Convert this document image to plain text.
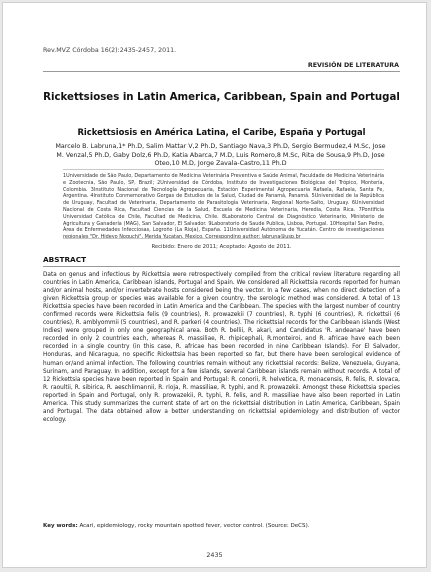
Rev.MVZ Córdoba 16(2):2435-2457, 2011.
REVISIÓN DE LITERATURA
Rickettsioses in Latin America, Caribbean, Spain and Portugal
Rickettsiosis en América Latina, el Caribe, España y Portugal
Marcelo B. Labruna,1* Ph.D, Salim Mattar V,2 Ph.D, Santiago Nava,3 Ph.D, Sergio Bermudez,4 M.Sc, Jose M. Venzal,5 Ph.D, Gaby Dolz,6 Ph.D, Katia Abarca,7 M.D, Luis Romero,8 M.Sc, Rita de Sousa,9 Ph.D, Jose Oteo,10 M.D, Jorge Zavala-Castro,11 Ph.D
1Universidade de São Paulo, Departamento de Medicina Veterinária Preventiva e Saúde Animal, Faculdade de Medicina Veterinária e Zootecnia, São Paulo, SP, Brazil; 2Universidad de Córdoba, Instituto de Investigaciones Biológicas del Trópico, Montería, Colombia. 3Instituto Nacional de Tecnología Agropecuaria, Estación Experimental Agropecuaria Rafaela, Rafaela, Santa Fe, Argentina. 4Instituto Conmemorativo Gorgas de Estudios de la Salud, Ciudad de Panamá, Panamá. 5Universidad de la República de Uruguay, Facultad de Veterinaria, Departamento de Parasitología Veterinaria, Regional Norte-Salto, Uruguay. 6Universidad Nacional de Costa Rica, Facultad Ciencias de la Salud, Escuela de Medicina Veterinaria, Heredia, Costa Rica. 7Pontificia Universidad Católica de Chile, Facultad de Medicina, Chile. 8Laboratorio Central de Diagnóstico Veterinario, Ministerio de Agricultura y Ganadería (MAG), San Salvador, El Salvador. 9Laboratorio de Saude Publica, Lisboa, Portugal. 10Hospital San Pedro, Área de Enfermedades Infecciosas, Logroño (La Rioja), España. 11Universidad Autónoma de Yucatán. Centro de investigaciones regionales "Dr. Hideyo Noguchi", Merida Yucatan, Mexico. Corresponding author: labruna@usp.br
Recibido: Enero de 2011; Aceptado: Agosto de 2011.
ABSTRACT
Data on genus and infectious by Rickettsia were retrospectively compiled from the critical review literature regarding all countries in Latin America, Caribbean islands, Portugal and Spain. We considered all Rickettsia records reported for human and/or animal hosts, and/or invertebrate hosts considered being the vector. In a few cases, when no direct detection of a given Rickettsia group or species was available for a given country, the serologic method was considered. A total of 13 Rickettsia species have been recorded in Latin America and the Caribbean. The species with the largest number of country confirmed records were Rickettsia felis (9 countries), R. prowazekii (7 countries), R. typhi (6 countries), R. rickettsii (6 countries), R. amblyommii (5 countries), and R. parkeri (4 countries). The rickettsial records for the Caribbean islands (West Indies) were grouped in only one geographical area. Both R. bellii, R. akari, and Candidatus 'R. andeanae' have been recorded in only 2 countries each, whereas R. massiliae, R. rhipicephali, R.monteiroi, and R. africae have each been recorded in a single country (in this case, R. africae has been recorded in nine Caribbean Islands). For El Salvador, Honduras, and Nicaragua, no specific Rickettsia has been reported so far, but there have been serological evidence of human or/and animal infection. The following countries remain without any rickettsial records: Belize, Venezuela, Guyana, Surinam, and Paraguay. In addition, except for a few islands, several Caribbean islands remain without records. A total of 12 Rickettsia species have been reported in Spain and Portugal: R. conorii, R. helvetica, R. monacensis, R. felis, R. slovaca, R. raoultii, R. sibirica, R. aeschlimannii, R. rioja, R. massiliae, R. typhi, and R. prowazekii. Amongst these Rickettsia species reported in Spain and Portugal, only R. prowazekii, R. typhi, R. felis, and R. massiliae have also been reported in Latin America. This study summarizes the current state of art on the rickettsial distribution in Latin America, Caribbean, Spain and Portugal. The data obtained allow a better understanding on rickettsial epidemiology and distribution of vector ecology.
Key words: Acari, epidemiology, rocky mountain spotted fever, vector control. (Source: DeCS).
2435
